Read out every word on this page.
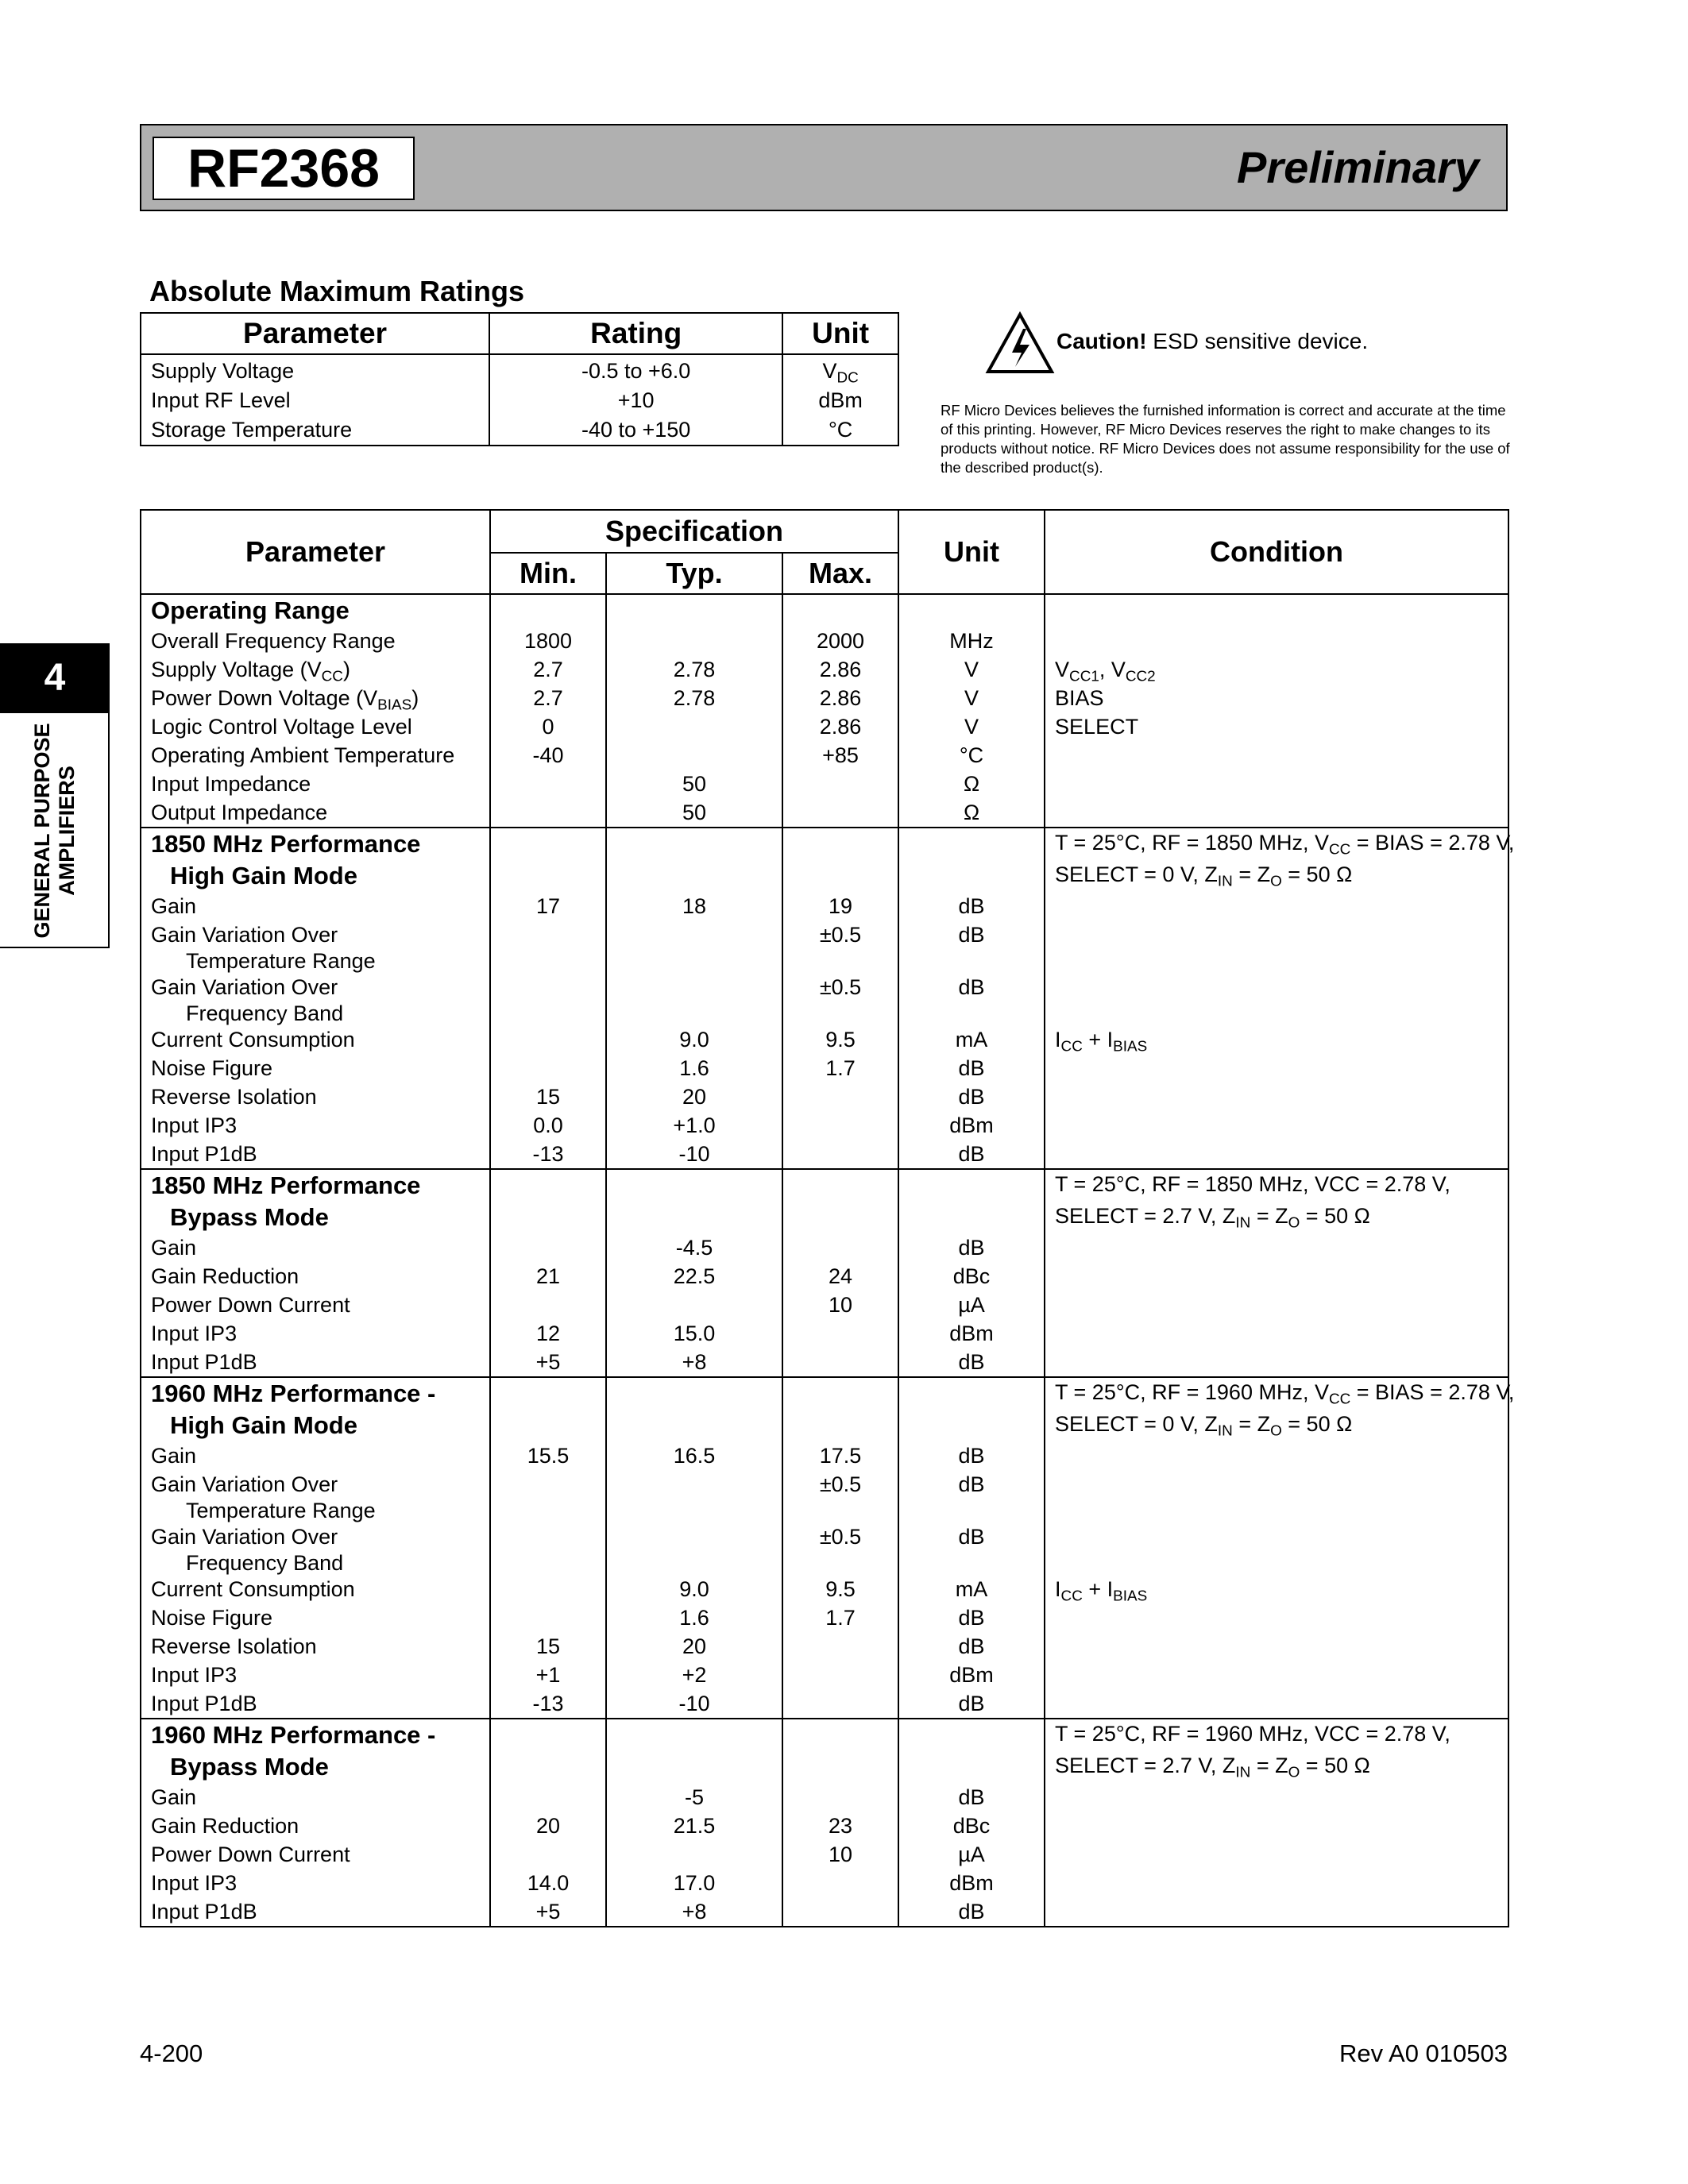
RF2368	Preliminary
4
GENERAL PURPOSE AMPLIFIERS
Absolute Maximum Ratings
Parameter	Rating	Unit
Supply Voltage	-0.5 to +6.0	$V_{DC}$
Input RF Level	+10	dBm
Storage Temperature	-40 to +150	°C
Caution! ESD sensitive device.
RF Micro Devices believes the furnished information is correct and accurate at the time of this printing. However, RF Micro Devices reserves the right to make changes to its products without notice. RF Micro Devices does not assume responsibility for the use of the described product(s).
Parameter	Specification			Unit	Condition
	Min.	Typ.	Max.		
Operating Range					
Overall Frequency Range	1800		2000	MHz	
Supply Voltage $(V_{CC})$	2.7	2.78	2.86	V	$V_{CC1}$, $V_{CC2}$
Power Down Voltage $(V_{BIAS})$	2.7	2.78	2.86	V	BIAS
Logic Control Voltage Level	0		2.86	V	SELECT
Operating Ambient Temperature	-40		+85	°C	
Input Impedance		50		Ω	
Output Impedance		50		Ω	
1850 MHz Performance					T = 25°C, RF = 1850 MHz, $V_{CC}$ = BIAS = 2.78 V,
High Gain Mode					SELECT = 0 V, $Z_{IN} = Z_O = 50$ Ω
Gain	17	18	19	dB	
Gain Variation Over			±0.5	dB	
Temperature Range					
Gain Variation Over			±0.5	dB	
Frequency Band					
Current Consumption		9.0	9.5	mA	$I_{CC} + I_{BIAS}$
Noise Figure		1.6	1.7	dB	
Reverse Isolation	15	20		dB	
Input IP3	0.0	+1.0		dBm	
Input P1dB	-13	-10		dB	
1850 MHz Performance					T = 25°C, RF = 1850 MHz, VCC = 2.78 V,
Bypass Mode					SELECT = 2.7 V, $Z_{IN} = Z_O = 50$ Ω
Gain		-4.5		dB	
Gain Reduction	21	22.5	24	dBc	
Power Down Current			10	µA	
Input IP3	12	15.0		dBm	
Input P1dB	+5	+8		dB	
1960 MHz Performance -					T = 25°C, RF = 1960 MHz, $V_{CC}$ = BIAS = 2.78 V,
High Gain Mode					SELECT = 0 V, $Z_{IN} = Z_O = 50$ Ω
Gain	15.5	16.5	17.5	dB	
Gain Variation Over			±0.5	dB	
Temperature Range					
Gain Variation Over			±0.5	dB	
Frequency Band					
Current Consumption		9.0	9.5	mA	$I_{CC} + I_{BIAS}$
Noise Figure		1.6	1.7	dB	
Reverse Isolation	15	20		dB	
Input IP3	+1	+2		dBm	
Input P1dB	-13	-10		dB	
1960 MHz Performance -					T = 25°C, RF = 1960 MHz, VCC = 2.78 V,
Bypass Mode					SELECT = 2.7 V, $Z_{IN} = Z_O = 50$ Ω
Gain		-5		dB	
Gain Reduction	20	21.5	23	dBc	
Power Down Current			10	µA	
Input IP3	14.0	17.0		dBm	
Input P1dB	+5	+8		dB	
4-200	Rev A0 010503
